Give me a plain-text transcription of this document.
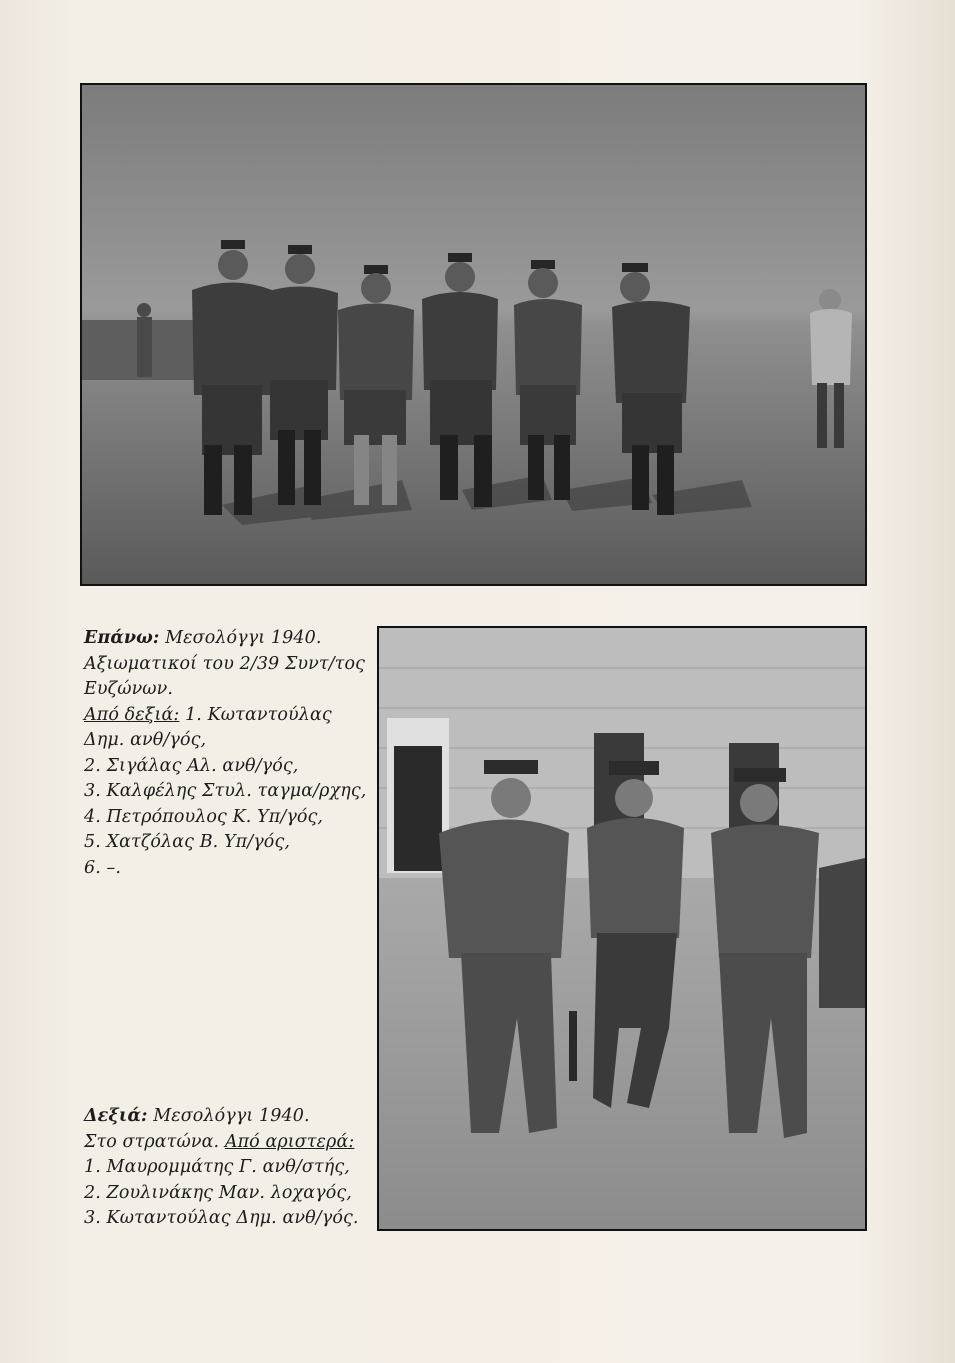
Επάνω: Μεσολόγγι 1940.
Αξιωματικοί του 2/39 Συντ/τος
Ευζώνων.
Από δεξιά: 1. Κωταντούλας
Δημ. ανθ/γός,
2. Σιγάλας Αλ. ανθ/γός,
3. Καλφέλης Στυλ. ταγμα/ρχης,
4. Πετρόπουλος Κ. Υπ/γός,
5. Χατζόλας Β. Υπ/γός,
6. –.
Δεξιά: Μεσολόγγι 1940.
Στο στρατώνα. Από αριστερά:
1. Μαυρομμάτης Γ. ανθ/στής,
2. Ζουλινάκης Μαν. λοχαγός,
3. Κωταντούλας Δημ. ανθ/γός.
